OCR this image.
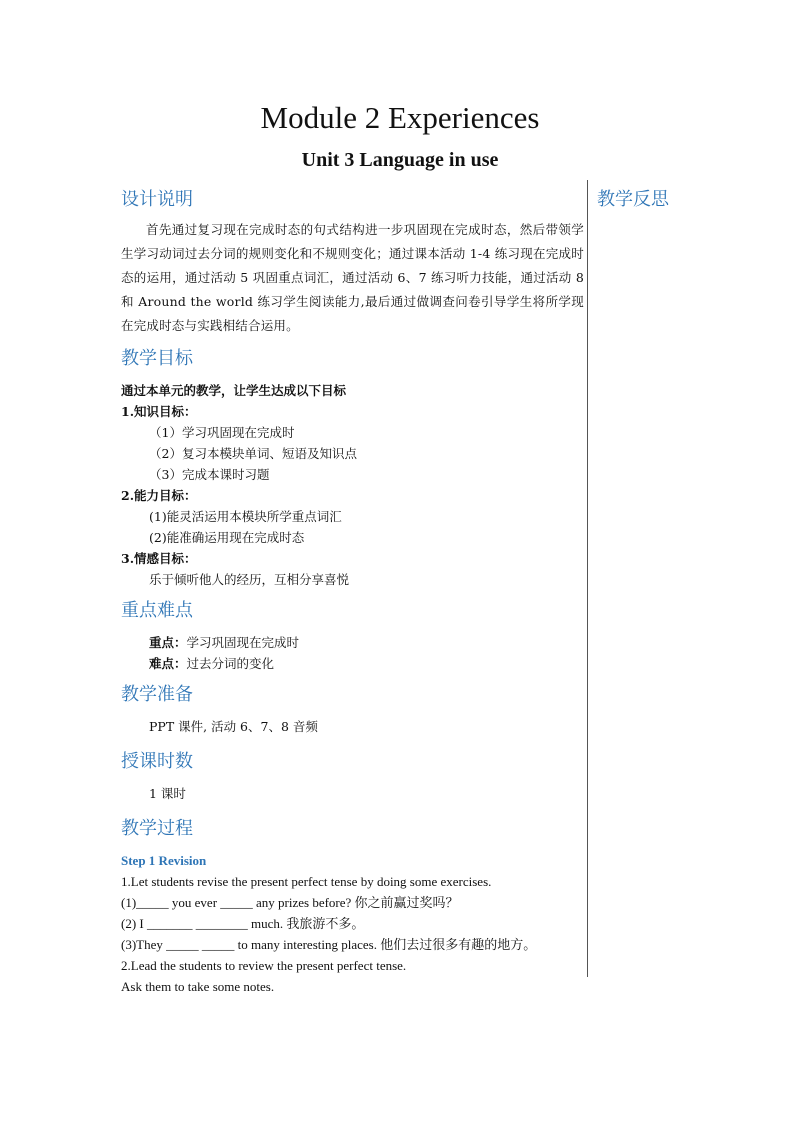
Module 2 Experiences
Unit 3 Language in use
设计说明

首先通过复习现在完成时态的句式结构进一步巩固现在完成时态，然后带领学生学习动词过去分词的规则变化和不规则变化；通过课本活动 1-4 练习现在完成时态的运用，通过活动 5 巩固重点词汇，通过活动 6、7 练习听力技能，通过活动 8 和 Around the world 练习学生阅读能力,最后通过做调查问卷引导学生将所学现在完成时态与实践相结合运用。

教学目标
通过本单元的教学，让学生达成以下目标
1.知识目标：
（1）学习巩固现在完成时
（2）复习本模块单词、短语及知识点
（3）完成本课时习题
2.能力目标：
(1)能灵活运用本模块所学重点词汇
(2)能准确运用现在完成时态
3.情感目标：
乐于倾听他人的经历，互相分享喜悦
重点难点
重点：学习巩固现在完成时
难点：过去分词的变化
教学准备
PPT 课件, 活动 6、7、8 音频
授课时数
1 课时
教学过程
Step 1 Revision
1.Let students revise the present perfect tense by doing some exercises.
(1)_____ you ever _____ any prizes before? 你之前赢过奖吗？
(2) I _______ ________ much. 我旅游不多。
(3)They _____ _____ to many interesting places. 他们去过很多有趣的地方。
2.Lead the students to review the present perfect tense.
Ask them to take some notes.
教学反思
